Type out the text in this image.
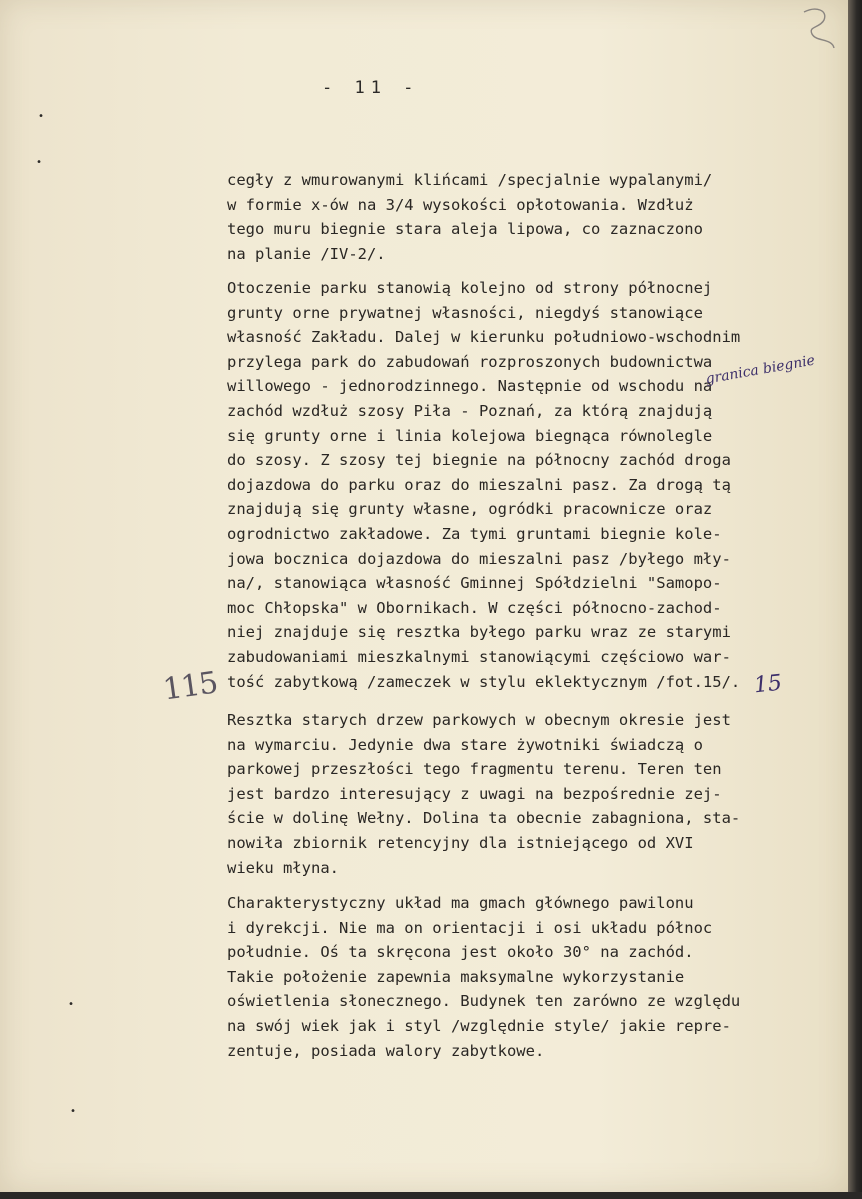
- 11 -
•
•
•
•
cegły z wmurowanymi klińcami /specjalnie wypalanymi/
w formie x-ów na 3/4 wysokości opłotowania. Wzdłuż
tego muru biegnie stara aleja lipowa, co zaznaczono
na planie /IV-2/.
Otoczenie parku stanowią kolejno od strony północnej
grunty orne prywatnej własności, niegdyś stanowiące
własność Zakładu. Dalej w kierunku południowo-wschodnim
przylega park do zabudowań rozproszonych budownictwa
willowego - jednorodzinnego. Następnie od wschodu na
zachód wzdłuż szosy Piła - Poznań, za którą znajdują
się grunty orne i linia kolejowa biegnąca równolegle
do szosy. Z szosy tej biegnie na północny zachód droga
dojazdowa do parku oraz do mieszalni pasz. Za drogą tą
znajdują się grunty własne, ogródki pracownicze oraz
ogrodnictwo zakładowe. Za tymi gruntami biegnie kole-
jowa bocznica dojazdowa do mieszalni pasz /byłego mły-
na/, stanowiąca własność Gminnej Spółdzielni "Samopo-
moc Chłopska" w Obornikach. W części północno-zachod-
niej znajduje się resztka byłego parku wraz ze starymi
zabudowaniami mieszkalnymi stanowiącymi częściowo war-
tość zabytkową /zameczek w stylu eklektycznym /fot.15/.
Resztka starych drzew parkowych w obecnym okresie jest
na wymarciu. Jedynie dwa stare żywotniki świadczą o
parkowej przeszłości tego fragmentu terenu. Teren ten
jest bardzo interesujący z uwagi na bezpośrednie zej-
ście w dolinę Wełny. Dolina ta obecnie zabagniona, sta-
nowiła zbiornik retencyjny dla istniejącego od XVI
wieku młyna.
Charakterystyczny układ ma gmach głównego pawilonu
i dyrekcji. Nie ma on orientacji i osi układu północ
południe. Oś ta skręcona jest około 30° na zachód.
Takie położenie zapewnia maksymalne wykorzystanie
oświetlenia słonecznego. Budynek ten zarówno ze względu
na swój wiek jak i styl /względnie style/ jakie repre-
zentuje, posiada walory zabytkowe.
115
granica biegnie
15
